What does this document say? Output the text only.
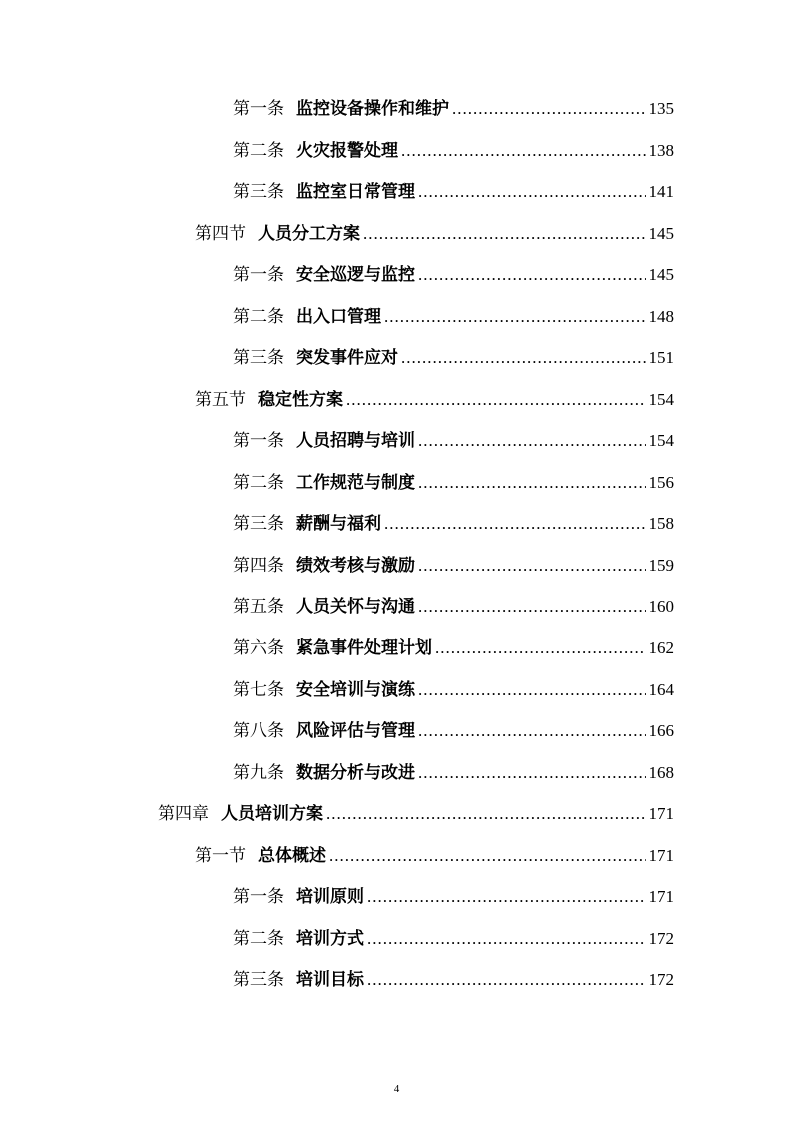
第一条 监控设备操作和维护 .....	135
第二条 火灾报警处理 .....	138
第三条 监控室日常管理 .....	141
第四节 人员分工方案 .....	145
第一条 安全巡逻与监控 .....	145
第二条 出入口管理 .....	148
第三条 突发事件应对 .....	151
第五节 稳定性方案 .....	154
第一条 人员招聘与培训 .....	154
第二条 工作规范与制度 .....	156
第三条 薪酬与福利 .....	158
第四条 绩效考核与激励 .....	159
第五条 人员关怀与沟通 .....	160
第六条 紧急事件处理计划 .....	162
第七条 安全培训与演练 .....	164
第八条 风险评估与管理 .....	166
第九条 数据分析与改进 .....	168
第四章 人员培训方案 .....	171
第一节 总体概述 .....	171
第一条 培训原则 .....	171
第二条 培训方式 .....	172
第三条 培训目标 .....	172
4
